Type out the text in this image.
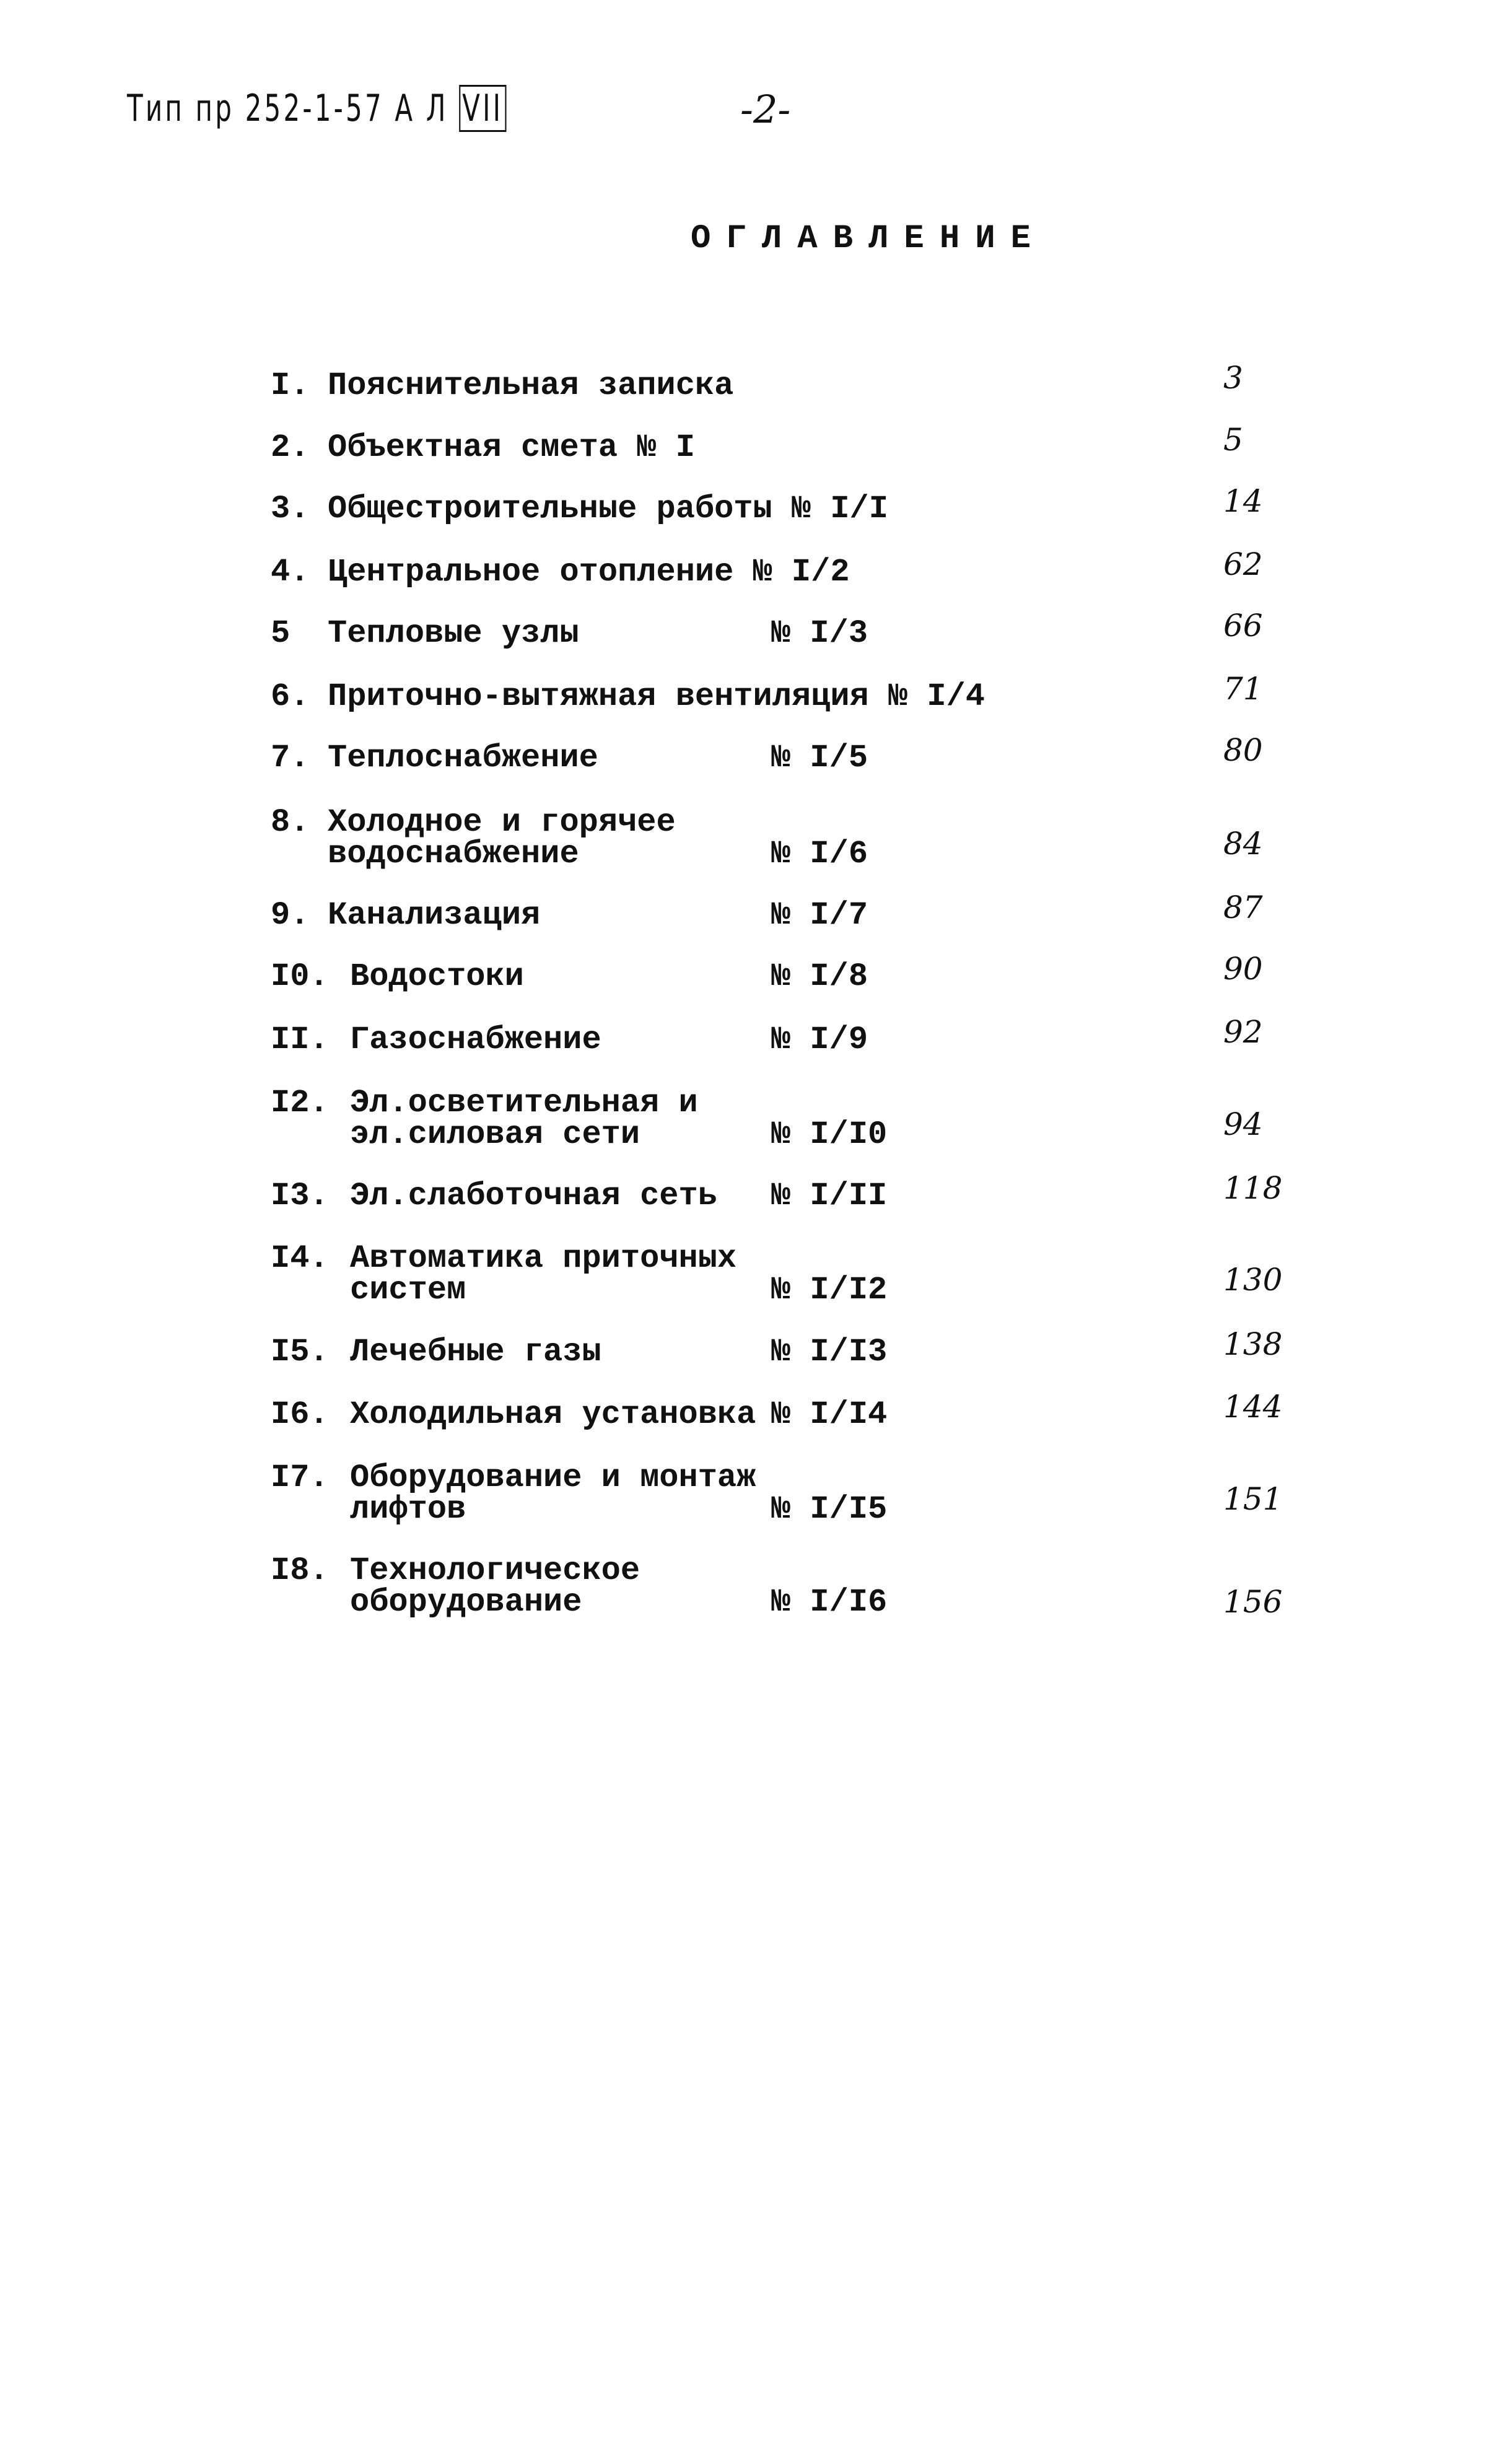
Тип пр 252-1-57 А Л VII	-2-
ОГЛАВЛЕНИЕ
I. Пояснительная записка	3
2. Объектная смета № I	5
3. Общестроительные работы № I/I	14
4. Центральное отопление № I/2	62
5 Тепловые узлы	№ I/3	66
6. Приточно-вытяжная вентиляция № I/4	71
7. Теплоснабжение	№ I/5	80
8. Холодное и горячее
водоснабжение	№ I/6	84
9. Канализация	№ I/7	87
I0. Водостоки	№ I/8	90
II. Газоснабжение	№ I/9	92
I2. Эл.осветительная и
эл.силовая сети	№ I/I0	94
I3. Эл.слаботочная сеть № I/II	118
I4. Автоматика приточных
систем	№ I/I2	130
I5. Лечебные газы	№ I/I3	138
I6. Холодильная установка № I/I4	144
I7. Оборудование и монтаж
лифтов	№ I/I5	151
I8. Технологическое
оборудование	№ I/I6	156
